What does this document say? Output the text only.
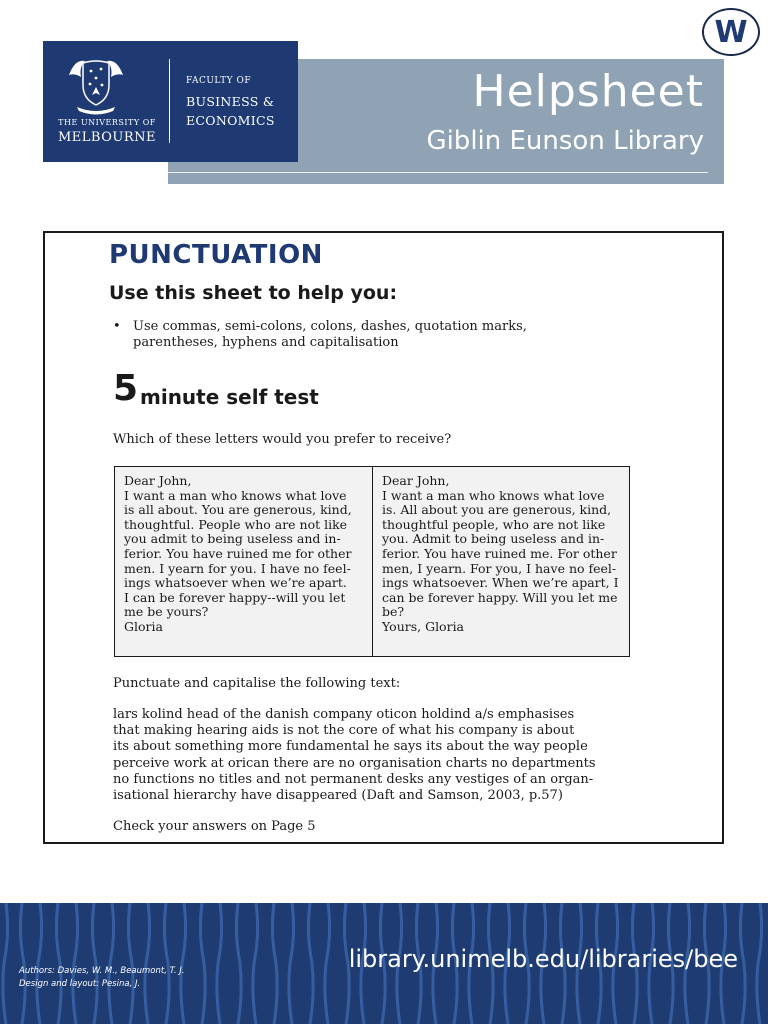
W
Helpsheet
Giblin Eunson Library
THE UNIVERSITY OF
MELBOURNE
FACULTY OF
BUSINESS &
ECONOMICS
PUNCTUATION
Use this sheet to help you:
• Use commas, semi-colons, colons, dashes, quotation marks, parentheses, hyphens and capitalisation
5 minute self test
Which of these letters would you prefer to receive?
Dear John,
I want a man who knows what love
is all about. You are generous, kind,
thoughtful. People who are not like
you admit to being useless and in-
ferior. You have ruined me for other
men. I yearn for you. I have no feel-
ings whatsoever when we’re apart.
I can be forever happy--will you let
me be yours?
Gloria
Dear John,
I want a man who knows what love
is. All about you are generous, kind,
thoughtful people, who are not like
you. Admit to being useless and in-
ferior. You have ruined me. For other
men, I yearn. For you, I have no feel-
ings whatsoever. When we’re apart, I
can be forever happy. Will you let me
be?
Yours, Gloria
Punctuate and capitalise the following text:
lars kolind head of the danish company oticon holdind a/s emphasises
that making hearing aids is not the core of what his company is about
its about something more fundamental he says its about the way people
perceive work at orican there are no organisation charts no departments
no functions no titles and not permanent desks any vestiges of an organ-
isational hierarchy have disappeared (Daft and Samson, 2003, p.57)
Check your answers on Page 5
Authors: Davies, W. M., Beaumont, T. J.
Design and layout: Pesina, J.
library.unimelb.edu/libraries/bee
